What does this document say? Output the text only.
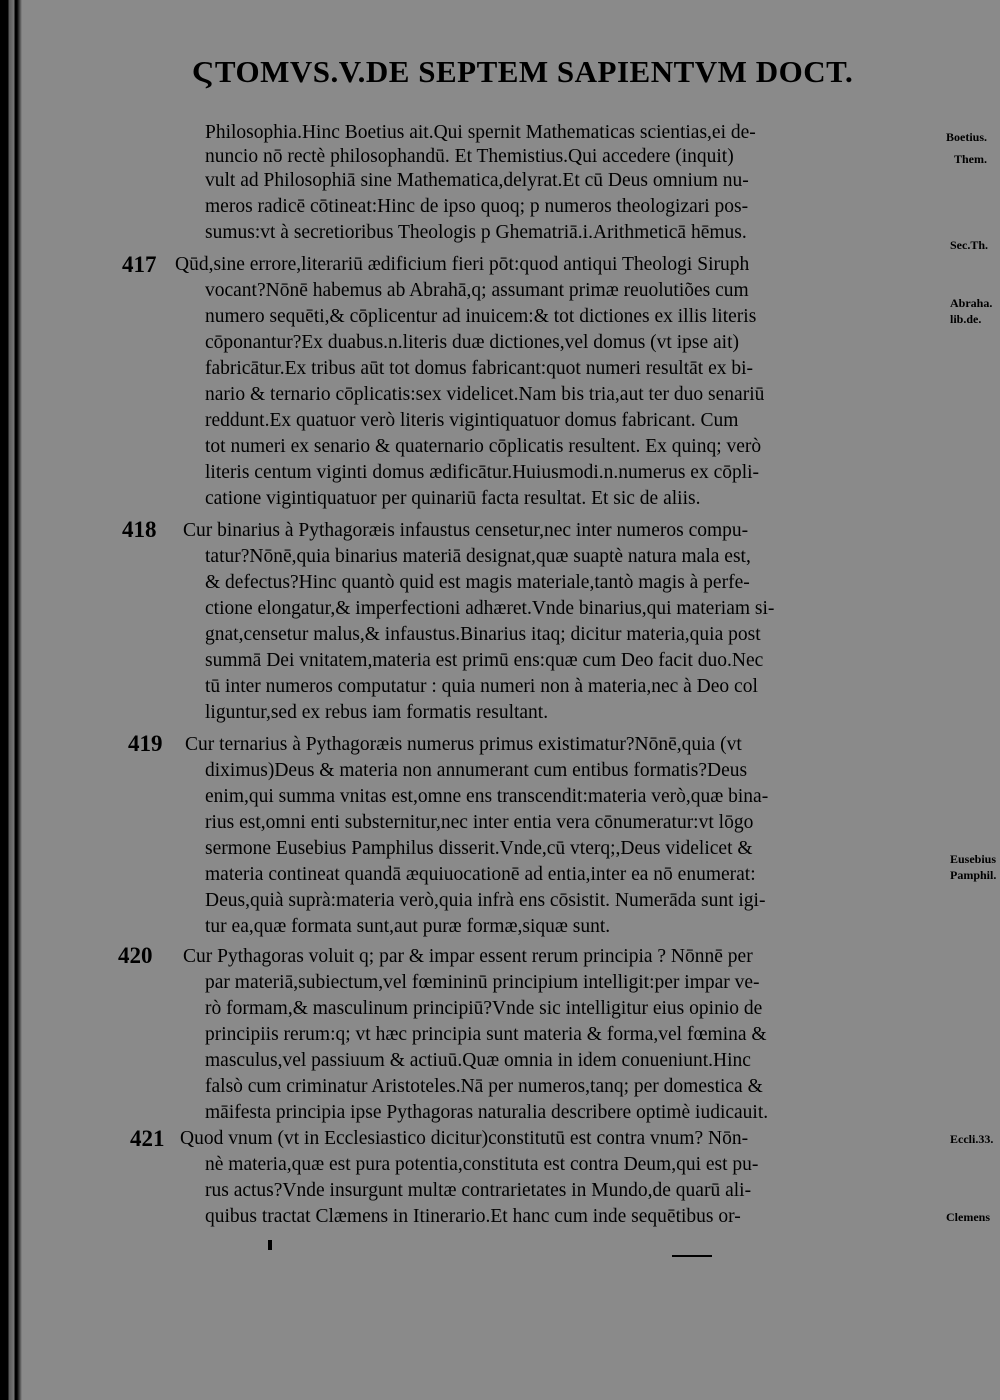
ϚTOMVS.V.DE SEPTEM SAPIENTVM DOCT.
417
418
419
420
421
Philosophia.Hinc Boetius ait.Qui spernit Mathematicas scientias,ei de-
nuncio nō rectè philosophandū. Et Themistius.Qui accedere (inquit)
vult ad Philosophiā sine Mathematica,delyrat.Et cū Deus omnium nu-
meros radicē cōtineat:Hinc de ipso quoq; p numeros theologizari pos-
sumus:vt à secretioribus Theologis p Ghematriā.i.Arithmeticā hēmus.
Qūd,sine errore,literariū ædificium fieri pōt:quod antiqui Theologi Siruph
vocant?Nōnē habemus ab Abrahā,q; assumant primæ reuolutiões cum
numero sequēti,& cōplicentur ad inuicem:& tot dictiones ex illis literis
cōponantur?Ex duabus.n.literis duæ dictiones,vel domus (vt ipse ait)
fabricātur.Ex tribus aūt tot domus fabricant:quot numeri resultāt ex bi-
nario & ternario cōplicatis:sex videlicet.Nam bis tria,aut ter duo senariū
reddunt.Ex quatuor verò literis vigintiquatuor domus fabricant. Cum
tot numeri ex senario & quaternario cōplicatis resultent. Ex quinq; verò
literis centum viginti domus ædificātur.Huiusmodi.n.numerus ex cōpli-
catione vigintiquatuor per quinariū facta resultat. Et sic de aliis.
Cur binarius à Pythagoræis infaustus censetur,nec inter numeros compu-
tatur?Nōnē,quia binarius materiā designat,quæ suaptè natura mala est,
& defectus?Hinc quantò quid est magis materiale,tantò magis à perfe-
ctione elongatur,& imperfectioni adhæret.Vnde binarius,qui materiam si-
gnat,censetur malus,& infaustus.Binarius itaq; dicitur materia,quia post
summā Dei vnitatem,materia est primū ens:quæ cum Deo facit duo.Nec
tū inter numeros computatur : quia numeri non à materia,nec à Deo col
liguntur,sed ex rebus iam formatis resultant.
Cur ternarius à Pythagoræis numerus primus existimatur?Nōnē,quia (vt
diximus)Deus & materia non annumerant cum entibus formatis?Deus
enim,qui summa vnitas est,omne ens transcendit:materia verò,quæ bina-
rius est,omni enti substernitur,nec inter entia vera cōnumeratur:vt lōgo
sermone Eusebius Pamphilus disserit.Vnde,cū vterq;,Deus videlicet &
materia contineat quandā æquiuocationē ad entia,inter ea nō enumerat:
Deus,quià suprà:materia verò,quia infrà ens cōsistit. Numerāda sunt igi-
tur ea,quæ formata sunt,aut puræ formæ,siquæ sunt.
Cur Pythagoras voluit q; par & impar essent rerum principia ? Nōnnē per
par materiā,subiectum,vel fœmininū principium intelligit:per impar ve-
rò formam,& masculinum principiū?Vnde sic intelligitur eius opinio de
principiis rerum:q; vt hæc principia sunt materia & forma,vel fœmina &
masculus,vel passiuum & actiuū.Quæ omnia in idem conueniunt.Hinc
falsò cum criminatur Aristoteles.Nā per numeros,tanq; per domestica &
māifesta principia ipse Pythagoras naturalia describere optimè iudicauit.
Quod vnum (vt in Ecclesiastico dicitur)constitutū est contra vnum? Nōn-
nè materia,quæ est pura potentia,constituta est contra Deum,qui est pu-
rus actus?Vnde insurgunt multæ contrarietates in Mundo,de quarū ali-
quibus tractat Clæmens in Itinerario.Et hanc cum inde sequētibus or-
Boetius.
Them.
Sec.Th.
Abraha.
lib.de.
Eusebius
Pamphil.
Eccli.33.
Clemens
